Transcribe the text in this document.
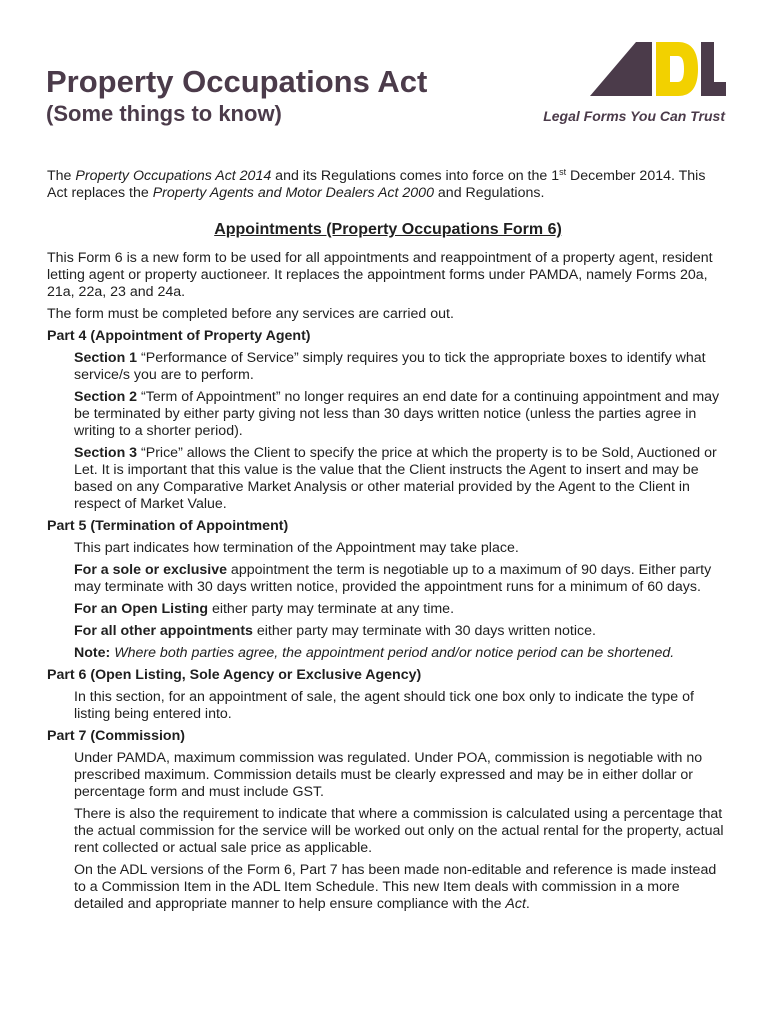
Property Occupations Act
(Some things to know)	Legal Forms You Can Trust

The Property Occupations Act 2014 and its Regulations comes into force on the 1st December 2014. This Act replaces the Property Agents and Motor Dealers Act 2000 and Regulations.

Appointments (Property Occupations Form 6)

This Form 6 is a new form to be used for all appointments and reappointment of a property agent, resident letting agent or property auctioneer. It replaces the appointment forms under PAMDA, namely Forms 20a, 21a, 22a, 23 and 24a.

The form must be completed before any services are carried out.

Part 4 (Appointment of Property Agent)

Section 1 “Performance of Service” simply requires you to tick the appropriate boxes to identify what service/s you are to perform.

Section 2 “Term of Appointment” no longer requires an end date for a continuing appointment and may be terminated by either party giving not less than 30 days written notice (unless the parties agree in writing to a shorter period).

Section 3 “Price” allows the Client to specify the price at which the property is to be Sold, Auctioned or Let. It is important that this value is the value that the Client instructs the Agent to insert and may be based on any Comparative Market Analysis or other material provided by the Agent to the Client in respect of Market Value.

Part 5 (Termination of Appointment)

This part indicates how termination of the Appointment may take place.

For a sole or exclusive appointment the term is negotiable up to a maximum of 90 days. Either party may terminate with 30 days written notice, provided the appointment runs for a minimum of 60 days.

For an Open Listing either party may terminate at any time.

For all other appointments either party may terminate with 30 days written notice.

Note: Where both parties agree, the appointment period and/or notice period can be shortened.

Part 6 (Open Listing, Sole Agency or Exclusive Agency)

In this section, for an appointment of sale, the agent should tick one box only to indicate the type of listing being entered into.

Part 7 (Commission)

Under PAMDA, maximum commission was regulated. Under POA, commission is negotiable with no prescribed maximum. Commission details must be clearly expressed and may be in either dollar or percentage form and must include GST.

There is also the requirement to indicate that where a commission is calculated using a percentage that the actual commission for the service will be worked out only on the actual rental for the property, actual rent collected or actual sale price as applicable.

On the ADL versions of the Form 6, Part 7 has been made non-editable and reference is made instead to a Commission Item in the ADL Item Schedule. This new Item deals with commission in a more detailed and appropriate manner to help ensure compliance with the Act.
